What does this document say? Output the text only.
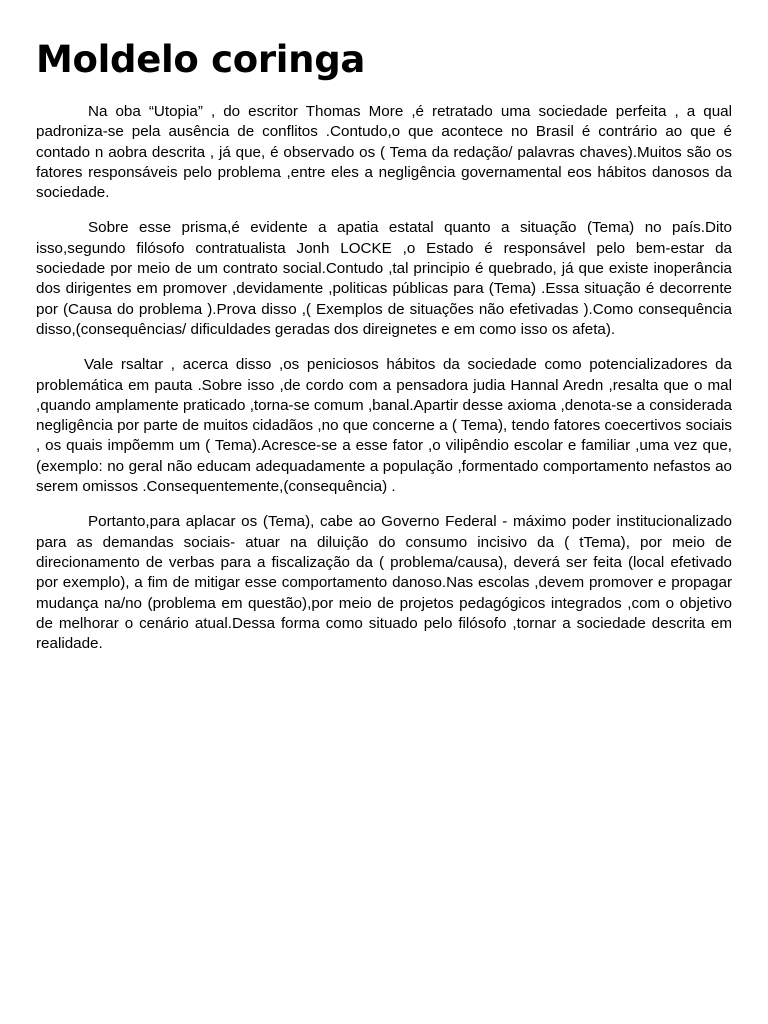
Moldelo coringa

Na oba “Utopia” , do escritor Thomas More ,é retratado uma sociedade perfeita , a qual padroniza-se pela ausência de conflitos .Contudo,o que acontece no Brasil é contrário ao que é contado n aobra descrita , já que, é observado os ( Tema da redação/ palavras chaves).Muitos são os fatores responsáveis pelo problema ,entre eles a negligência governamental eos hábitos danosos da sociedade.

Sobre esse prisma,é evidente a apatia estatal quanto a situação (Tema) no país.Dito isso,segundo filósofo contratualista Jonh LOCKE ,o Estado é responsável pelo bem-estar da sociedade por meio de um contrato social.Contudo ,tal principio é quebrado, já que existe inoperância dos dirigentes em promover ,devidamente ,politicas públicas para (Tema) .Essa situação é decorrente por (Causa do problema ).Prova disso ,( Exemplos de situações não efetivadas ).Como consequência disso,(consequências/ dificuldades geradas dos direignetes e em como isso os afeta).

Vale rsaltar , acerca disso ,os peniciosos hábitos da sociedade como potencializadores da problemática em pauta .Sobre isso ,de cordo com a pensadora judia Hannal Aredn ,resalta que o mal ,quando amplamente praticado ,torna-se comum ,banal.Apartir desse axioma ,denota-se a considerada negligência por parte de muitos cidadãos ,no que concerne a ( Tema), tendo fatores coecertivos sociais , os quais impõemm um ( Tema).Acresce-se a esse fator ,o vilipêndio escolar e familiar ,uma vez que, (exemplo: no geral não educam adequadamente a população ,formentado comportamento nefastos ao serem omissos .Consequentemente,(consequência) .

Portanto,para aplacar os (Tema), cabe ao Governo Federal - máximo poder institucionalizado para as demandas sociais- atuar na diluição do consumo incisivo da ( tTema), por meio de direcionamento de verbas para a fiscalização da ( problema/causa), deverá ser feita (local efetivado por exemplo), a fim de mitigar esse comportamento danoso.Nas escolas ,devem promover e propagar mudança na/no (problema em questão),por meio de projetos pedagógicos integrados ,com o objetivo de melhorar o cenário atual.Dessa forma como situado pelo filósofo ,tornar a sociedade descrita em realidade.
